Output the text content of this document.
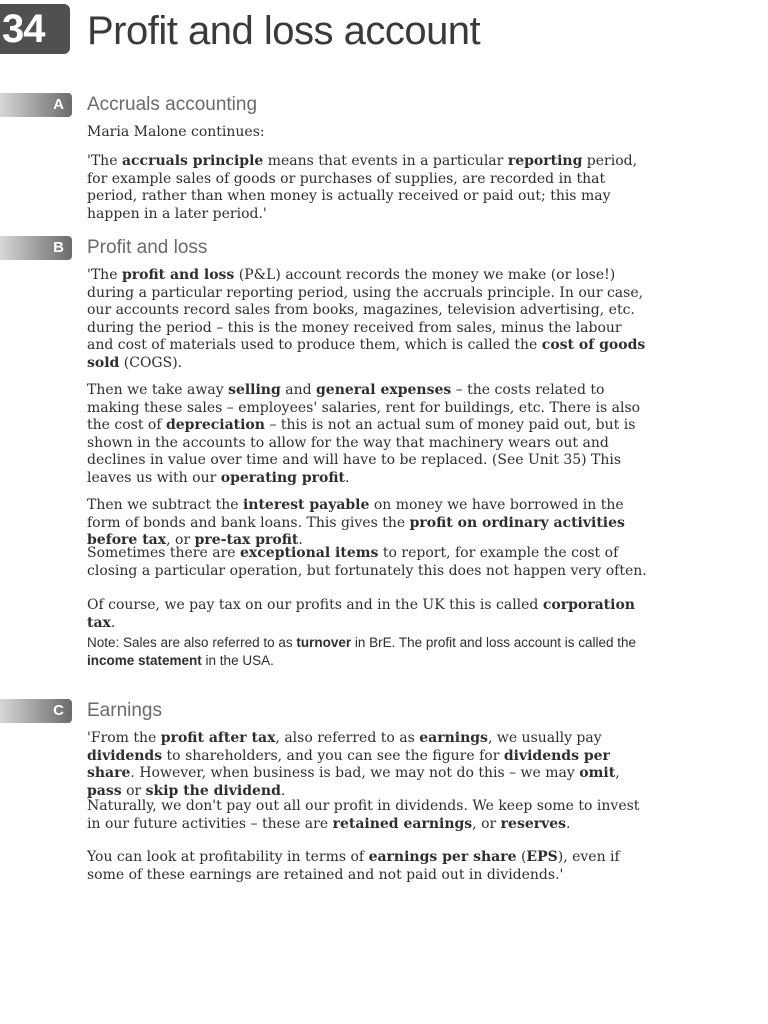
34	Profit and loss account
A	Accruals accounting

Maria Malone continues:

'The accruals principle means that events in a particular reporting period, for example sales of goods or purchases of supplies, are recorded in that period, rather than when money is actually received or paid out; this may happen in a later period.'

B	Profit and loss

'The profit and loss (P&L) account records the money we make (or lose!) during a particular reporting period, using the accruals principle. In our case, our accounts record sales from books, magazines, television advertising, etc. during the period – this is the money received from sales, minus the labour and cost of materials used to produce them, which is called the cost of goods sold (COGS).

Then we take away selling and general expenses – the costs related to making these sales – employees' salaries, rent for buildings, etc. There is also the cost of depreciation – this is not an actual sum of money paid out, but is shown in the accounts to allow for the way that machinery wears out and declines in value over time and will have to be replaced. (See Unit 35) This leaves us with our operating profit.

Then we subtract the interest payable on money we have borrowed in the form of bonds and bank loans. This gives the profit on ordinary activities before tax, or pre-tax profit.

Sometimes there are exceptional items to report, for example the cost of closing a particular operation, but fortunately this does not happen very often.

Of course, we pay tax on our profits and in the UK this is called corporation tax.

Note: Sales are also referred to as turnover in BrE. The profit and loss account is called the income statement in the USA.

C	Earnings

'From the profit after tax, also referred to as earnings, we usually pay dividends to shareholders, and you can see the figure for dividends per share. However, when business is bad, we may not do this – we may omit, pass or skip the dividend.

Naturally, we don't pay out all our profit in dividends. We keep some to invest in our future activities – these are retained earnings, or reserves.

You can look at profitability in terms of earnings per share (EPS), even if some of these earnings are retained and not paid out in dividends.'
